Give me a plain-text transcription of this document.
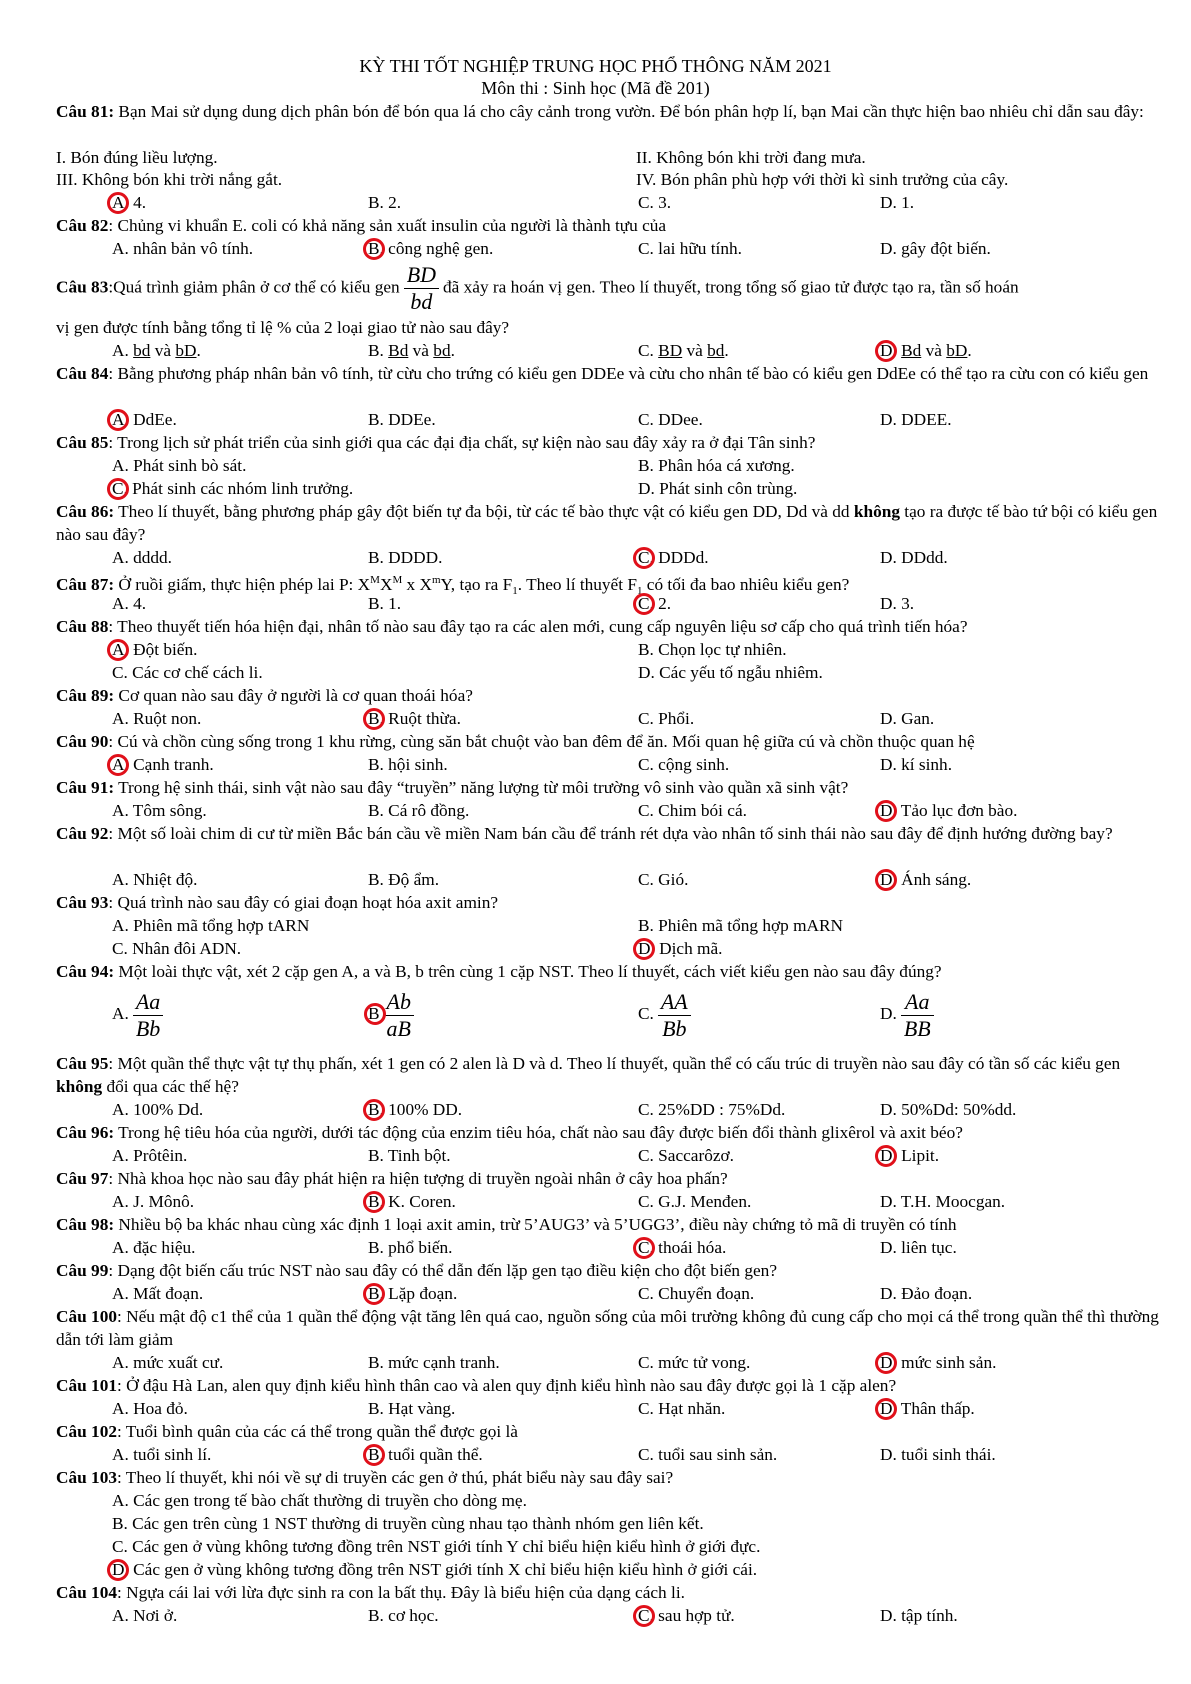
KỲ THI TỐT NGHIỆP TRUNG HỌC PHỔ THÔNG NĂM 2021
Môn thi : Sinh học (Mã đề 201)
Câu 81: Bạn Mai sử dụng dung dịch phân bón để bón qua lá cho cây cảnh trong vườn. Để bón phân hợp lí, bạn Mai cần thực hiện bao nhiêu chỉ dẫn sau đây:
I. Bón đúng liều lượng.	II. Không bón khi trời đang mưa.
III. Không bón khi trời nắng gắt.	IV. Bón phân phù hợp với thời kì sinh trưởng của cây.
A. 4.	B. 2.	C. 3.	D. 1.
Câu 82: Chủng vi khuẩn E. coli có khả năng sản xuất insulin của người là thành tựu của
A. nhân bản vô tính.	B. công nghệ gen.	C. lai hữu tính.	D. gây đột biến.
Câu 83:Quá trình giảm phân ở cơ thể có kiểu gen $\frac{BD}{bd}$ đã xảy ra hoán vị gen. Theo lí thuyết, trong tổng số giao tử được tạo ra, tần số hoán
vị gen được tính bằng tổng tỉ lệ % của 2 loại giao tử nào sau đây?
A. bd và bD.	B. Bd và bd.	C. BD và bd.	D. Bd và bD.
Câu 84: Bằng phương pháp nhân bản vô tính, từ cừu cho trứng có kiểu gen DDEe và cừu cho nhân tế bào có kiểu gen DdEe có thể tạo ra cừu con có kiểu gen
A. DdEe.	B. DDEe.	C. DDee.	D. DDEE.
Câu 85: Trong lịch sử phát triển của sinh giới qua các đại địa chất, sự kiện nào sau đây xảy ra ở đại Tân sinh?
A. Phát sinh bò sát.	B. Phân hóa cá xương.
C. Phát sinh các nhóm linh trưởng.	D. Phát sinh côn trùng.
Câu 86: Theo lí thuyết, bằng phương pháp gây đột biến tự đa bội, từ các tế bào thực vật có kiểu gen DD, Dd và dd không tạo ra được tế bào tứ bội có kiểu gen nào sau đây?
A. dddd.	B. DDDD.	C. DDDd.	D. DDdd.
Câu 87: Ở ruồi giấm, thực hiện phép lai P: $X^MX^M$ x $X^mY$, tạo ra $F_1$. Theo lí thuyết $F_1$ có tối đa bao nhiêu kiểu gen?
A. 4.	B. 1.	C. 2.	D. 3.
Câu 88: Theo thuyết tiến hóa hiện đại, nhân tố nào sau đây tạo ra các alen mới, cung cấp nguyên liệu sơ cấp cho quá trình tiến hóa?
A. Đột biến.	B. Chọn lọc tự nhiên.
C. Các cơ chế cách li.	D. Các yếu tố ngẫu nhiêm.
Câu 89: Cơ quan nào sau đây ở người là cơ quan thoái hóa?
A. Ruột non.	B. Ruột thừa.	C. Phổi.	D. Gan.
Câu 90: Cú và chồn cùng sống trong 1 khu rừng, cùng săn bắt chuột vào ban đêm để ăn. Mối quan hệ giữa cú và chồn thuộc quan hệ
A. Cạnh tranh.	B. hội sinh.	C. cộng sinh.	D. kí sinh.
Câu 91: Trong hệ sinh thái, sinh vật nào sau đây “truyền” năng lượng từ môi trường vô sinh vào quần xã sinh vật?
A. Tôm sông.	B. Cá rô đồng.	C. Chim bói cá.	D. Tảo lục đơn bào.
Câu 92: Một số loài chim di cư từ miền Bắc bán cầu về miền Nam bán cầu để tránh rét dựa vào nhân tố sinh thái nào sau đây để định hướng đường bay?
A. Nhiệt độ.	B. Độ ẩm.	C. Gió.	D. Ánh sáng.
Câu 93: Quá trình nào sau đây có giai đoạn hoạt hóa axit amin?
A. Phiên mã tổng hợp tARN	B. Phiên mã tổng hợp mARN
C. Nhân đôi ADN.	D. Dịch mã.
Câu 94: Một loài thực vật, xét 2 cặp gen A, a và B, b trên cùng 1 cặp NST. Theo lí thuyết, cách viết kiểu gen nào sau đây đúng?
A. $\frac{Aa}{Bb}$	B $\frac{Ab}{aB}$	C. $\frac{AA}{Bb}$	D. $\frac{Aa}{BB}$
Câu 95: Một quần thể thực vật tự thụ phấn, xét 1 gen có 2 alen là D và d. Theo lí thuyết, quần thể có cấu trúc di truyền nào sau đây có tần số các kiểu gen không đổi qua các thế hệ?
A. 100% Dd.	B. 100% DD.	C. 25%DD : 75%Dd.	D. 50%Dd: 50%dd.
Câu 96: Trong hệ tiêu hóa của người, dưới tác động của enzim tiêu hóa, chất nào sau đây được biến đổi thành glixêrol và axit béo?
A. Prôtêin.	B. Tinh bột.	C. Saccarôzơ.	D. Lipit.
Câu 97: Nhà khoa học nào sau đây phát hiện ra hiện tượng di truyền ngoài nhân ở cây hoa phấn?
A. J. Mônô.	B. K. Coren.	C. G.J. Menđen.	D. T.H. Moocgan.
Câu 98: Nhiều bộ ba khác nhau cùng xác định 1 loại axit amin, trừ 5’AUG3’ và 5’UGG3’, điều này chứng tỏ mã di truyền có tính
A. đặc hiệu.	B. phổ biến.	C. thoái hóa.	D. liên tục.
Câu 99: Dạng đột biến cấu trúc NST nào sau đây có thể dẫn đến lặp gen tạo điều kiện cho đột biến gen?
A. Mất đoạn.	B. Lặp đoạn.	C. Chuyển đoạn.	D. Đảo đoạn.
Câu 100: Nếu mật độ c1 thể của 1 quần thể động vật tăng lên quá cao, nguồn sống của môi trường không đủ cung cấp cho mọi cá thể trong quần thể thì thường dẫn tới làm giảm
A. mức xuất cư.	B. mức cạnh tranh.	C. mức tử vong.	D. mức sinh sản.
Câu 101: Ở đậu Hà Lan, alen quy định kiểu hình thân cao và alen quy định kiểu hình nào sau đây được gọi là 1 cặp alen?
A. Hoa đỏ.	B. Hạt vàng.	C. Hạt nhăn.	D. Thân thấp.
Câu 102: Tuổi bình quân của các cá thể trong quần thể được gọi là
A. tuổi sinh lí.	B. tuổi quần thể.	C. tuổi sau sinh sản.	D. tuổi sinh thái.
Câu 103: Theo lí thuyết, khi nói về sự di truyền các gen ở thú, phát biểu này sau đây sai?
A. Các gen trong tế bào chất thường di truyền cho dòng mẹ.
B. Các gen trên cùng 1 NST thường di truyền cùng nhau tạo thành nhóm gen liên kết.
C. Các gen ở vùng không tương đồng trên NST giới tính Y chỉ biểu hiện kiểu hình ở giới đực.
D. Các gen ở vùng không tương đồng trên NST giới tính X chỉ biểu hiện kiểu hình ở giới cái.
Câu 104: Ngựa cái lai với lừa đực sinh ra con la bất thụ. Đây là biểu hiện của dạng cách li.
A. Nơi ở.	B. cơ học.	C. sau hợp tử.	D. tập tính.
